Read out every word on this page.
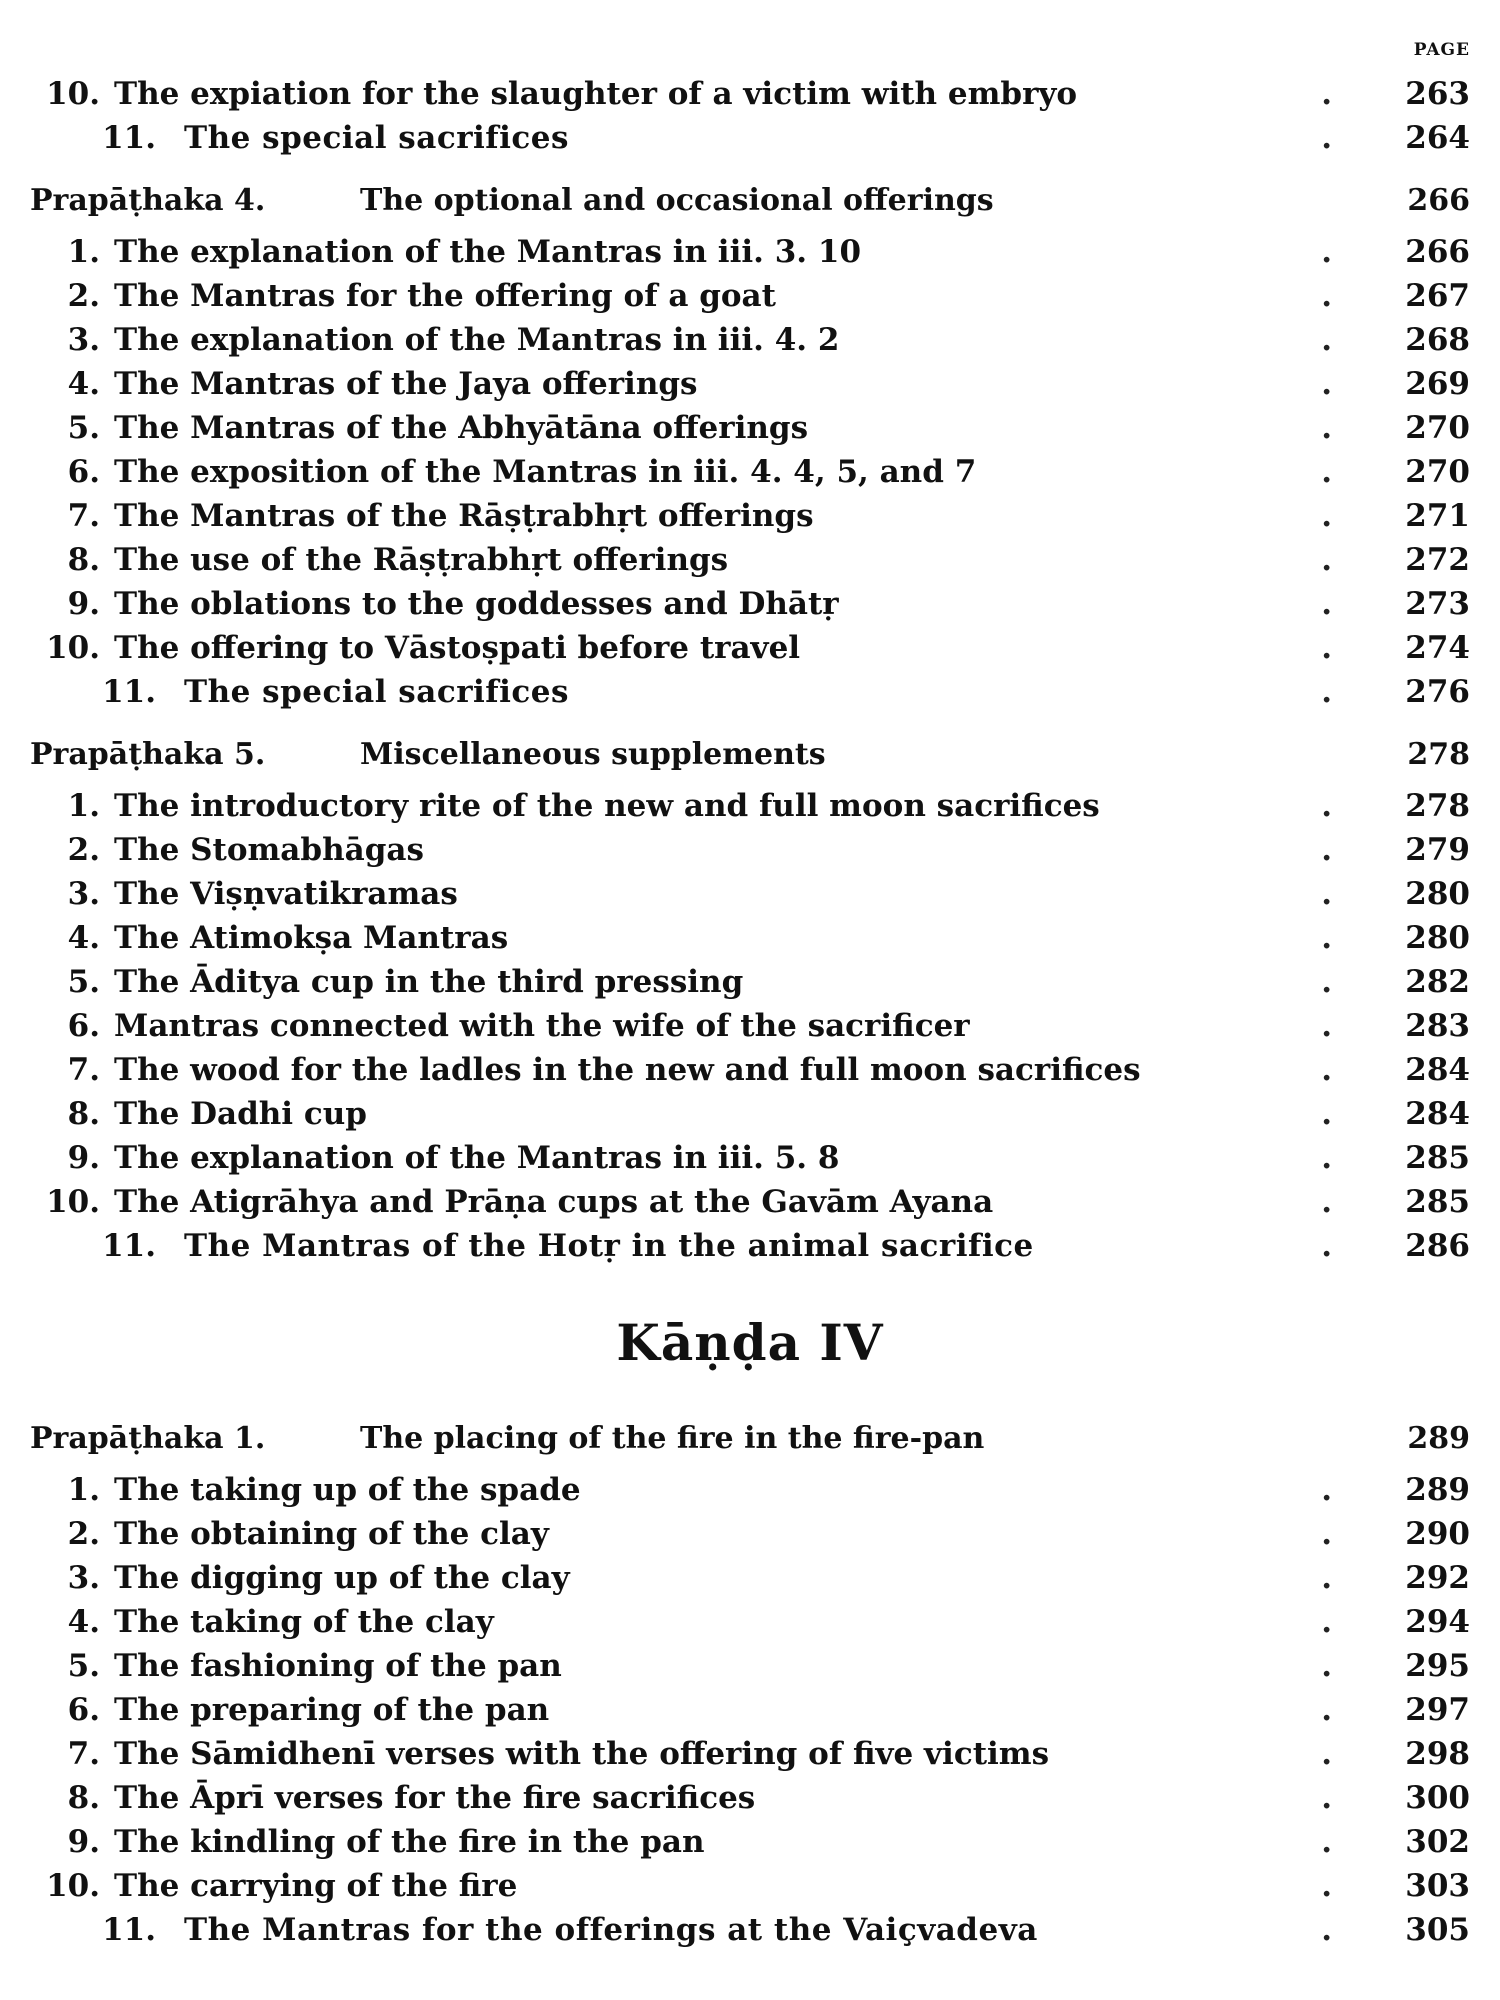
PAGE
10. The expiation for the slaughter of a victim with embryo	. 263
11. The special sacrifices	. 264
Prapāṭhaka 4.	The optional and occasional offerings	266
1. The explanation of the Mantras in iii. 3. 10	. 266
2. The Mantras for the offering of a goat	. 267
3. The explanation of the Mantras in iii. 4. 2	. 268
4. The Mantras of the Jaya offerings	. 269
5. The Mantras of the Abhyātāna offerings	. 270
6. The exposition of the Mantras in iii. 4. 4, 5, and 7	. 270
7. The Mantras of the Rāṣṭrabhṛt offerings	. 271
8. The use of the Rāṣṭrabhṛt offerings	. 272
9. The oblations to the goddesses and Dhātṛ	. 273
10. The offering to Vāstoṣpati before travel	. 274
11. The special sacrifices	. 276
Prapāṭhaka 5.	Miscellaneous supplements	278
1. The introductory rite of the new and full moon sacrifices	. 278
2. The Stomabhāgas	. 279
3. The Viṣṇvatikramas	. 280
4. The Atimokṣa Mantras	. 280
5. The Āditya cup in the third pressing	. 282
6. Mantras connected with the wife of the sacrificer	. 283
7. The wood for the ladles in the new and full moon sacrifices	. 284
8. The Dadhi cup	. 284
9. The explanation of the Mantras in iii. 5. 8	. 285
10. The Atigrāhya and Prāṇa cups at the Gavām Ayana	. 285
11. The Mantras of the Hotṛ in the animal sacrifice	. 286
Kāṇḍa IV
Prapāṭhaka 1.	The placing of the fire in the fire-pan	289
1. The taking up of the spade	. 289
2. The obtaining of the clay	. 290
3. The digging up of the clay	. 292
4. The taking of the clay	. 294
5. The fashioning of the pan	. 295
6. The preparing of the pan	. 297
7. The Sāmidhenī verses with the offering of five victims	. 298
8. The Āprī verses for the fire sacrifices	. 300
9. The kindling of the fire in the pan	. 302
10. The carrying of the fire	. 303
11. The Mantras for the offerings at the Vaiçvadeva	. 305
